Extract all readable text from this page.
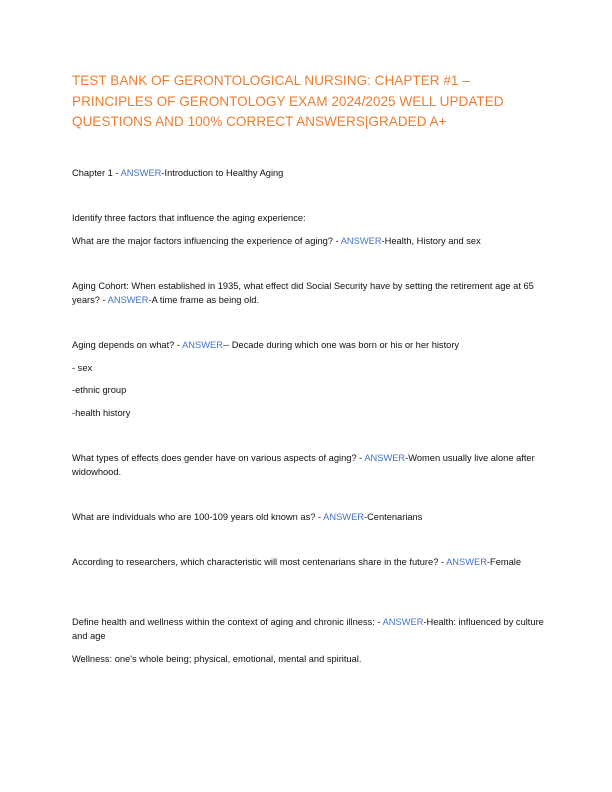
TEST BANK OF GERONTOLOGICAL NURSING: CHAPTER #1 – PRINCIPLES OF GERONTOLOGY EXAM 2024/2025 WELL UPDATED QUESTIONS AND 100% CORRECT ANSWERS|GRADED A+

Chapter 1 - ANSWER-Introduction to Healthy Aging

Identify three factors that influence the aging experience:

What are the major factors influencing the experience of aging? - ANSWER-Health, History and sex

Aging Cohort: When established in 1935, what effect did Social Security have by setting the retirement age at 65 years? - ANSWER-A time frame as being old.

Aging depends on what? - ANSWER-- Decade during which one was born or his or her history

- sex

-ethnic group

-health history

What types of effects does gender have on various aspects of aging? - ANSWER-Women usually live alone after widowhood.

What are individuals who are 100-109 years old known as? - ANSWER-Centenarians

According to researchers, which characteristic will most centenarians share in the future? - ANSWER-Female

Define health and wellness within the context of aging and chronic illness: - ANSWER-Health: influenced by culture and age

Wellness: one's whole being; physical, emotional, mental and spiritual.
